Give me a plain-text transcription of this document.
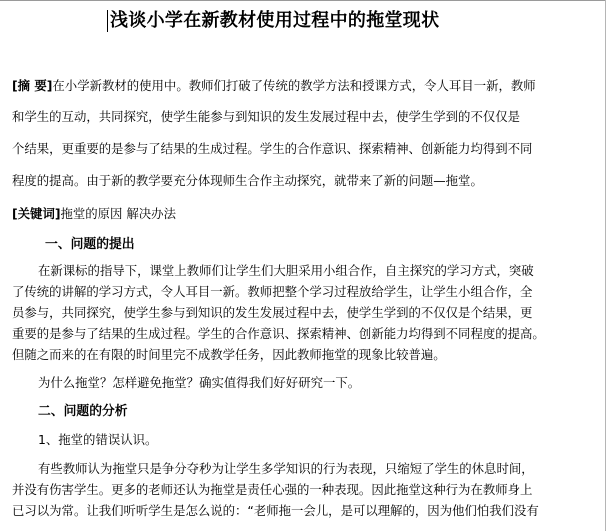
浅谈小学在新教材使用过程中的拖堂现状
[摘 要]在小学新教材的使用中。教师们打破了传统的教学方法和授课方式，令人耳目一新，教师
和学生的互动，共同探究，使学生能参与到知识的发生发展过程中去，使学生学到的不仅仅是
个结果，更重要的是参与了结果的生成过程。学生的合作意识、探索精神、创新能力均得到不同
程度的提高。由于新的教学要充分体现师生合作主动探究，就带来了新的问题—拖堂。
[关键词]拖堂的原因 解决办法
一、问题的提出
在新课标的指导下，课堂上教师们让学生们大胆采用小组合作，自主探究的学习方式，突破
了传统的讲解的学习方式，令人耳目一新。教师把整个学习过程放给学生，让学生小组合作，全
员参与，共同探究，使学生参与到知识的发生发展过程中去，使学生学到的不仅仅是个结果，更
重要的是参与了结果的生成过程。学生的合作意识、探索精神、创新能力均得到不同程度的提高。
但随之而来的在有限的时间里完不成教学任务，因此教师拖堂的现象比较普遍。
为什么拖堂？怎样避免拖堂？确实值得我们好好研究一下。
二、问题的分析
1、拖堂的错误认识。
有些教师认为拖堂只是争分夺秒为让学生多学知识的行为表现，只缩短了学生的休息时间，
并没有伤害学生。更多的老师还认为拖堂是责任心强的一种表现。因此拖堂这种行为在教师身上
已习以为常。让我们听听学生是怎么说的：“老师拖一会儿，是可以理解的，因为他们怕我们没有
